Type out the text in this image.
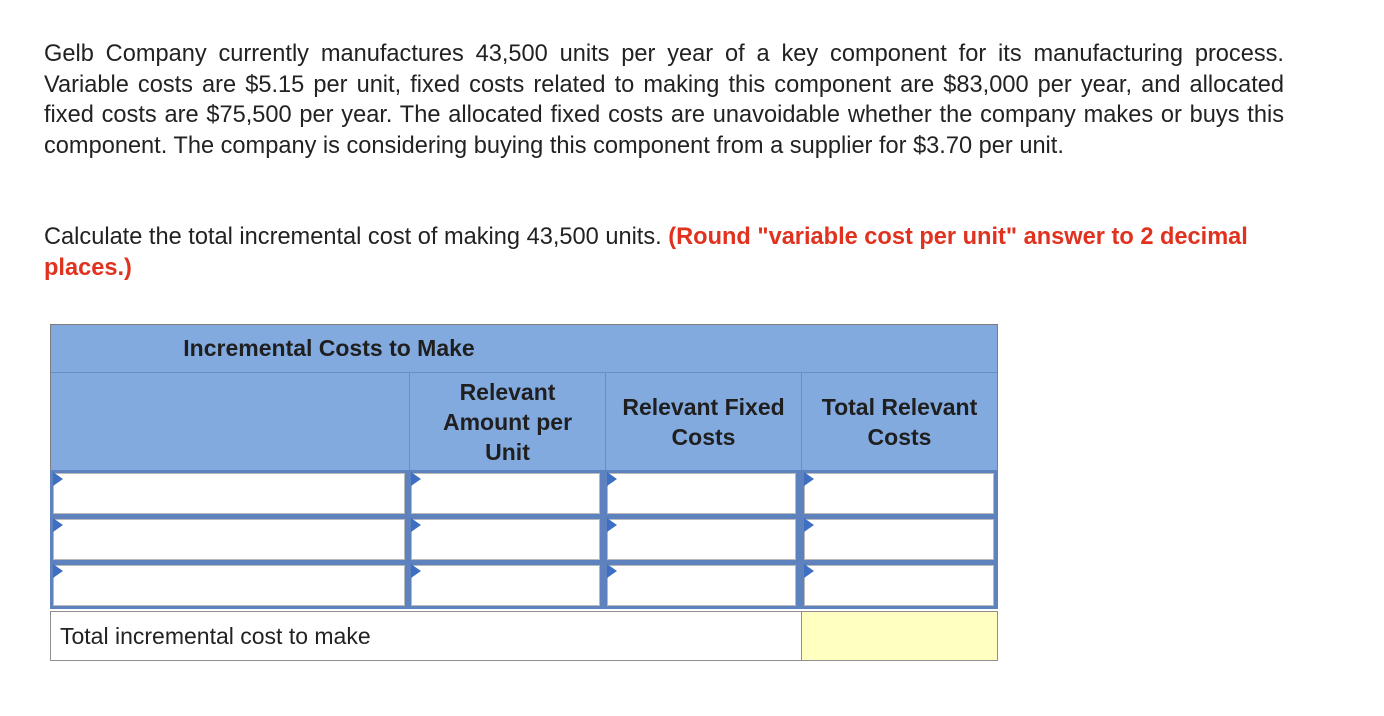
Gelb Company currently manufactures 43,500 units per year of a key component for its manufacturing process. Variable costs are $5.15 per unit, fixed costs related to making this component are $83,000 per year, and allocated fixed costs are $75,500 per year. The allocated fixed costs are unavoidable whether the company makes or buys this component. The company is considering buying this component from a supplier for $3.70 per unit.

Calculate the total incremental cost of making 43,500 units. (Round "variable cost per unit" answer to 2 decimal places.)

Incremental Costs to Make
Relevant Amount per Unit
Relevant Fixed Costs
Total Relevant Costs
Total incremental cost to make
